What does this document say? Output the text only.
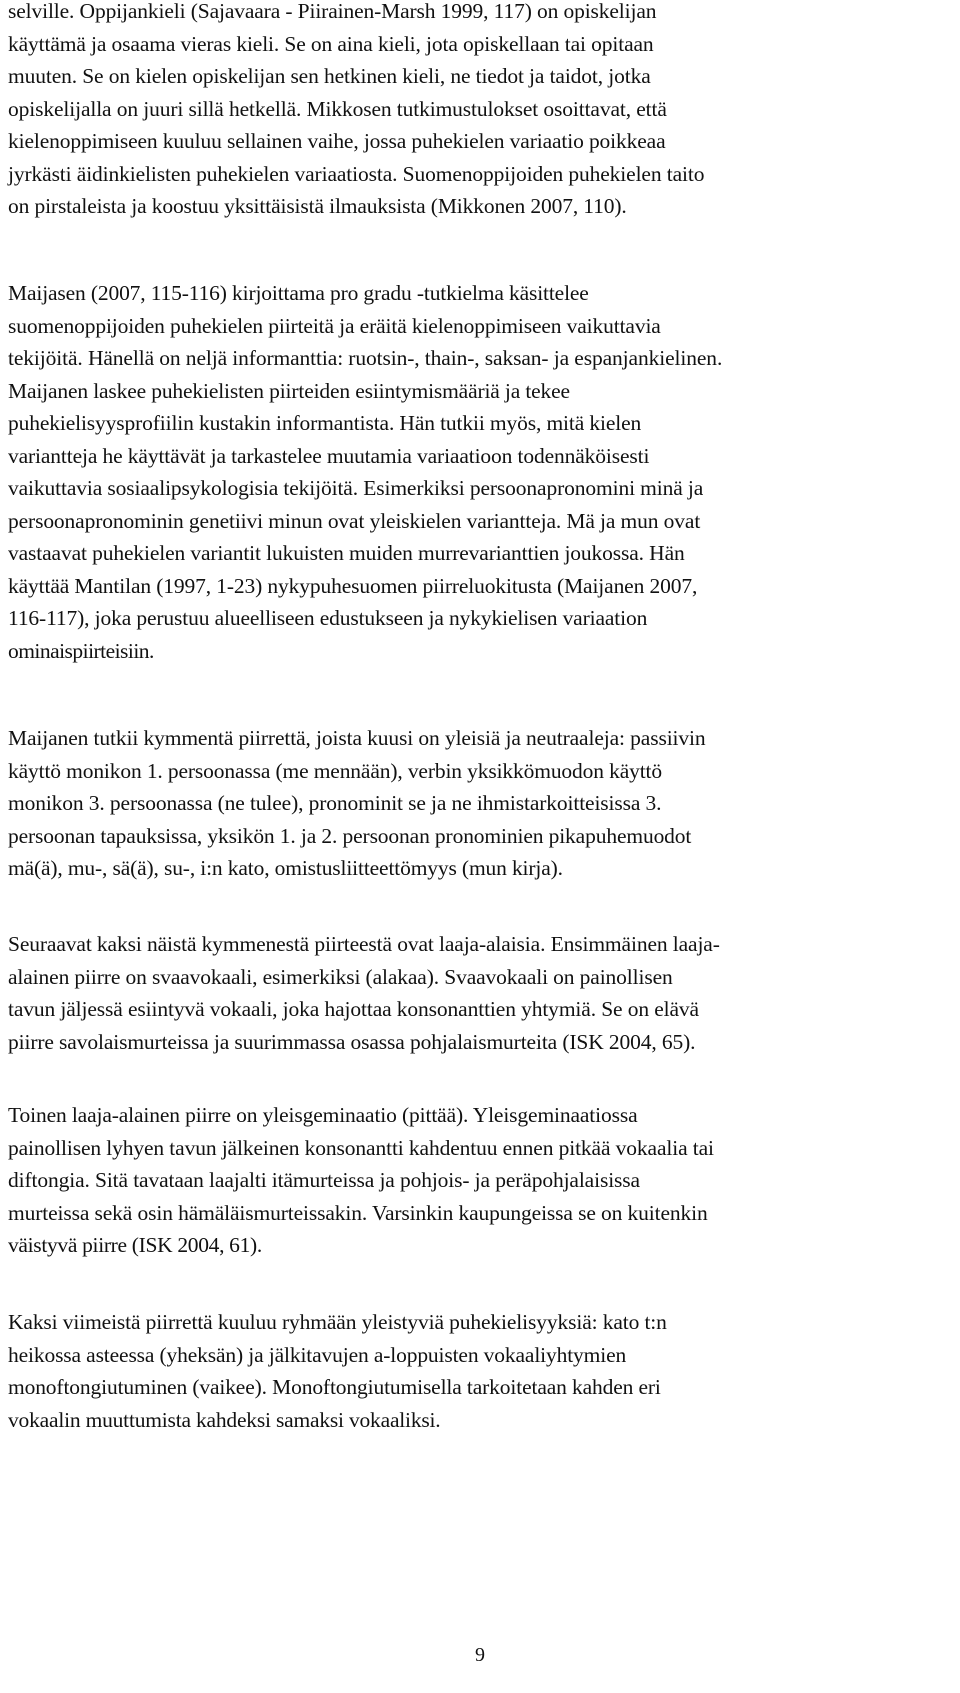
selville. Oppijankieli (Sajavaara - Piirainen-Marsh 1999, 117) on opiskelijan
käyttämä ja osaama vieras kieli. Se on aina kieli, jota opiskellaan tai opitaan
muuten. Se on kielen opiskelijan sen hetkinen kieli, ne tiedot ja taidot, jotka
opiskelijalla on juuri sillä hetkellä. Mikkosen tutkimustulokset osoittavat, että
kielenoppimiseen kuuluu sellainen vaihe, jossa puhekielen variaatio poikkeaa
jyrkästi äidinkielisten puhekielen variaatiosta. Suomenoppijoiden puhekielen taito
on pirstaleista ja koostuu yksittäisistä ilmauksista (Mikkonen 2007, 110).
Maijasen (2007, 115-116) kirjoittama pro gradu -tutkielma käsittelee
suomenoppijoiden puhekielen piirteitä ja eräitä kielenoppimiseen vaikuttavia
tekijöitä. Hänellä on neljä informanttia: ruotsin-, thain-, saksan- ja espanjankielinen.
Maijanen laskee puhekielisten piirteiden esiintymismääriä ja tekee
puhekielisyysprofiilin kustakin informantista. Hän tutkii myös, mitä kielen
variantteja he käyttävät ja tarkastelee muutamia variaatioon todennäköisesti
vaikuttavia sosiaalipsykologisia tekijöitä. Esimerkiksi persoonapronomini minä ja
persoonapronominin genetiivi minun ovat yleiskielen variantteja. Mä ja mun ovat
vastaavat puhekielen variantit lukuisten muiden murrevarianttien joukossa. Hän
käyttää Mantilan (1997, 1-23) nykypuhesuomen piirreluokitusta (Maijanen 2007,
116-117), joka perustuu alueelliseen edustukseen ja nykykielisen variaation
ominaispiirteisiin.
Maijanen tutkii kymmentä piirrettä, joista kuusi on yleisiä ja neutraaleja: passiivin
käyttö monikon 1. persoonassa (me mennään), verbin yksikkömuodon käyttö
monikon 3. persoonassa (ne tulee), pronominit se ja ne ihmistarkoitteisissa 3.
persoonan tapauksissa, yksikön 1. ja 2. persoonan pronominien pikapuhemuodot
mä(ä), mu-, sä(ä), su-, i:n kato, omistusliitteettömyys (mun kirja).
Seuraavat kaksi näistä kymmenestä piirteestä ovat laaja-alaisia. Ensimmäinen laaja-
alainen piirre on svaavokaali, esimerkiksi (alakaa). Svaavokaali on painollisen
tavun jäljessä esiintyvä vokaali, joka hajottaa konsonanttien yhtymiä. Se on elävä
piirre savolaismurteissa ja suurimmassa osassa pohjalaismurteita (ISK 2004, 65).
Toinen laaja-alainen piirre on yleisgeminaatio (pittää). Yleisgeminaatiossa
painollisen lyhyen tavun jälkeinen konsonantti kahdentuu ennen pitkää vokaalia tai
diftongia. Sitä tavataan laajalti itämurteissa ja pohjois- ja peräpohjalaisissa
murteissa sekä osin hämäläismurteissakin. Varsinkin kaupungeissa se on kuitenkin
väistyvä piirre (ISK 2004, 61).
Kaksi viimeistä piirrettä kuuluu ryhmään yleistyviä puhekielisyyksiä: kato t:n
heikossa asteessa (yheksän) ja jälkitavujen a-loppuisten vokaaliyhtymien
monoftongiutuminen (vaikee). Monoftongiutumisella tarkoitetaan kahden eri
vokaalin muuttumista kahdeksi samaksi vokaaliksi.
9
